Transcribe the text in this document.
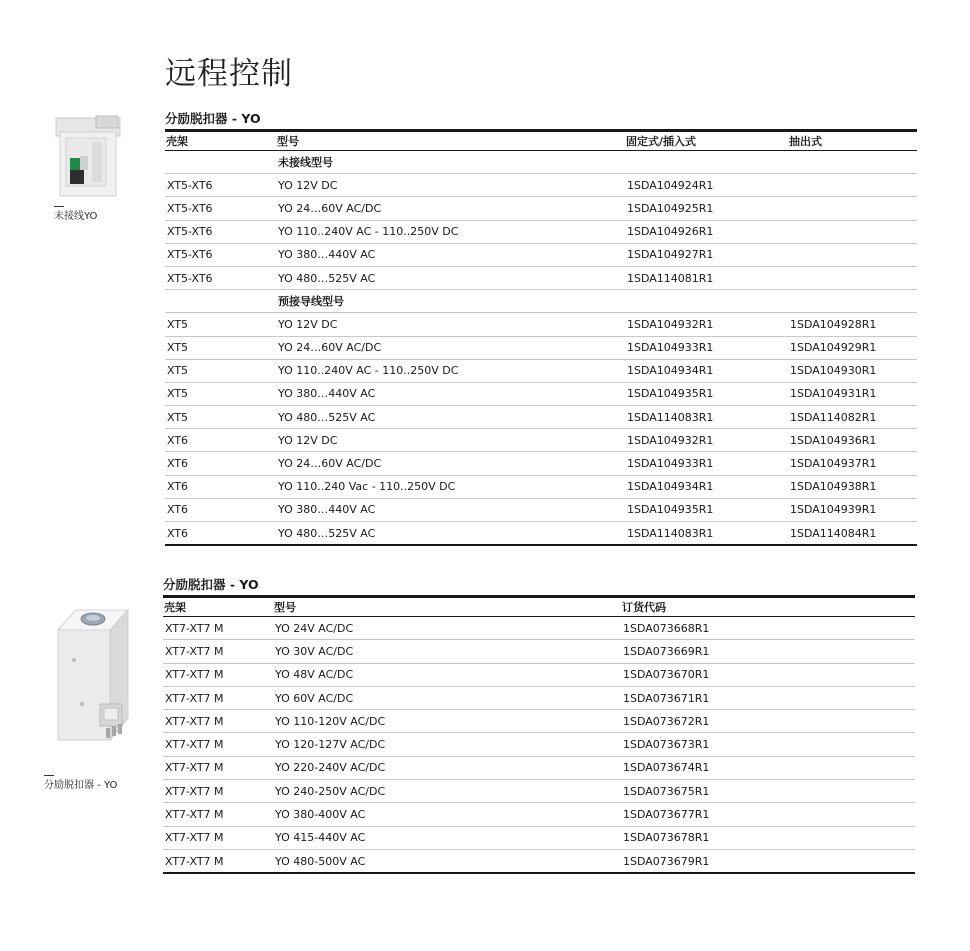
远程控制
未接线YO
分励脱扣器 - YO
壳架	型号	固定式/插入式	抽出式
	未接线型号		
XT5-XT6	YO 12V DC	1SDA104924R1	
XT5-XT6	YO 24…60V AC/DC	1SDA104925R1	
XT5-XT6	YO 110..240V AC - 110..250V DC	1SDA104926R1	
XT5-XT6	YO 380…440V AC	1SDA104927R1	
XT5-XT6	YO 480…525V AC	1SDA114081R1	
	预接导线型号		
XT5	YO 12V DC	1SDA104932R1	1SDA104928R1
XT5	YO 24…60V AC/DC	1SDA104933R1	1SDA104929R1
XT5	YO 110..240V AC - 110..250V DC	1SDA104934R1	1SDA104930R1
XT5	YO 380…440V AC	1SDA104935R1	1SDA104931R1
XT5	YO 480…525V AC	1SDA114083R1	1SDA114082R1
XT6	YO 12V DC	1SDA104932R1	1SDA104936R1
XT6	YO 24…60V AC/DC	1SDA104933R1	1SDA104937R1
XT6	YO 110..240 Vac - 110..250V DC	1SDA104934R1	1SDA104938R1
XT6	YO 380…440V AC	1SDA104935R1	1SDA104939R1
XT6	YO 480…525V AC	1SDA114083R1	1SDA114084R1
分励脱扣器 - YO
分励脱扣器 - YO
壳架	型号	订货代码	
XT7-XT7 M	YO 24V AC/DC	1SDA073668R1	
XT7-XT7 M	YO 30V AC/DC	1SDA073669R1	
XT7-XT7 M	YO 48V AC/DC	1SDA073670R1	
XT7-XT7 M	YO 60V AC/DC	1SDA073671R1	
XT7-XT7 M	YO 110-120V AC/DC	1SDA073672R1	
XT7-XT7 M	YO 120-127V AC/DC	1SDA073673R1	
XT7-XT7 M	YO 220-240V AC/DC	1SDA073674R1	
XT7-XT7 M	YO 240-250V AC/DC	1SDA073675R1	
XT7-XT7 M	YO 380-400V AC	1SDA073677R1	
XT7-XT7 M	YO 415-440V AC	1SDA073678R1	
XT7-XT7 M	YO 480-500V AC	1SDA073679R1	
